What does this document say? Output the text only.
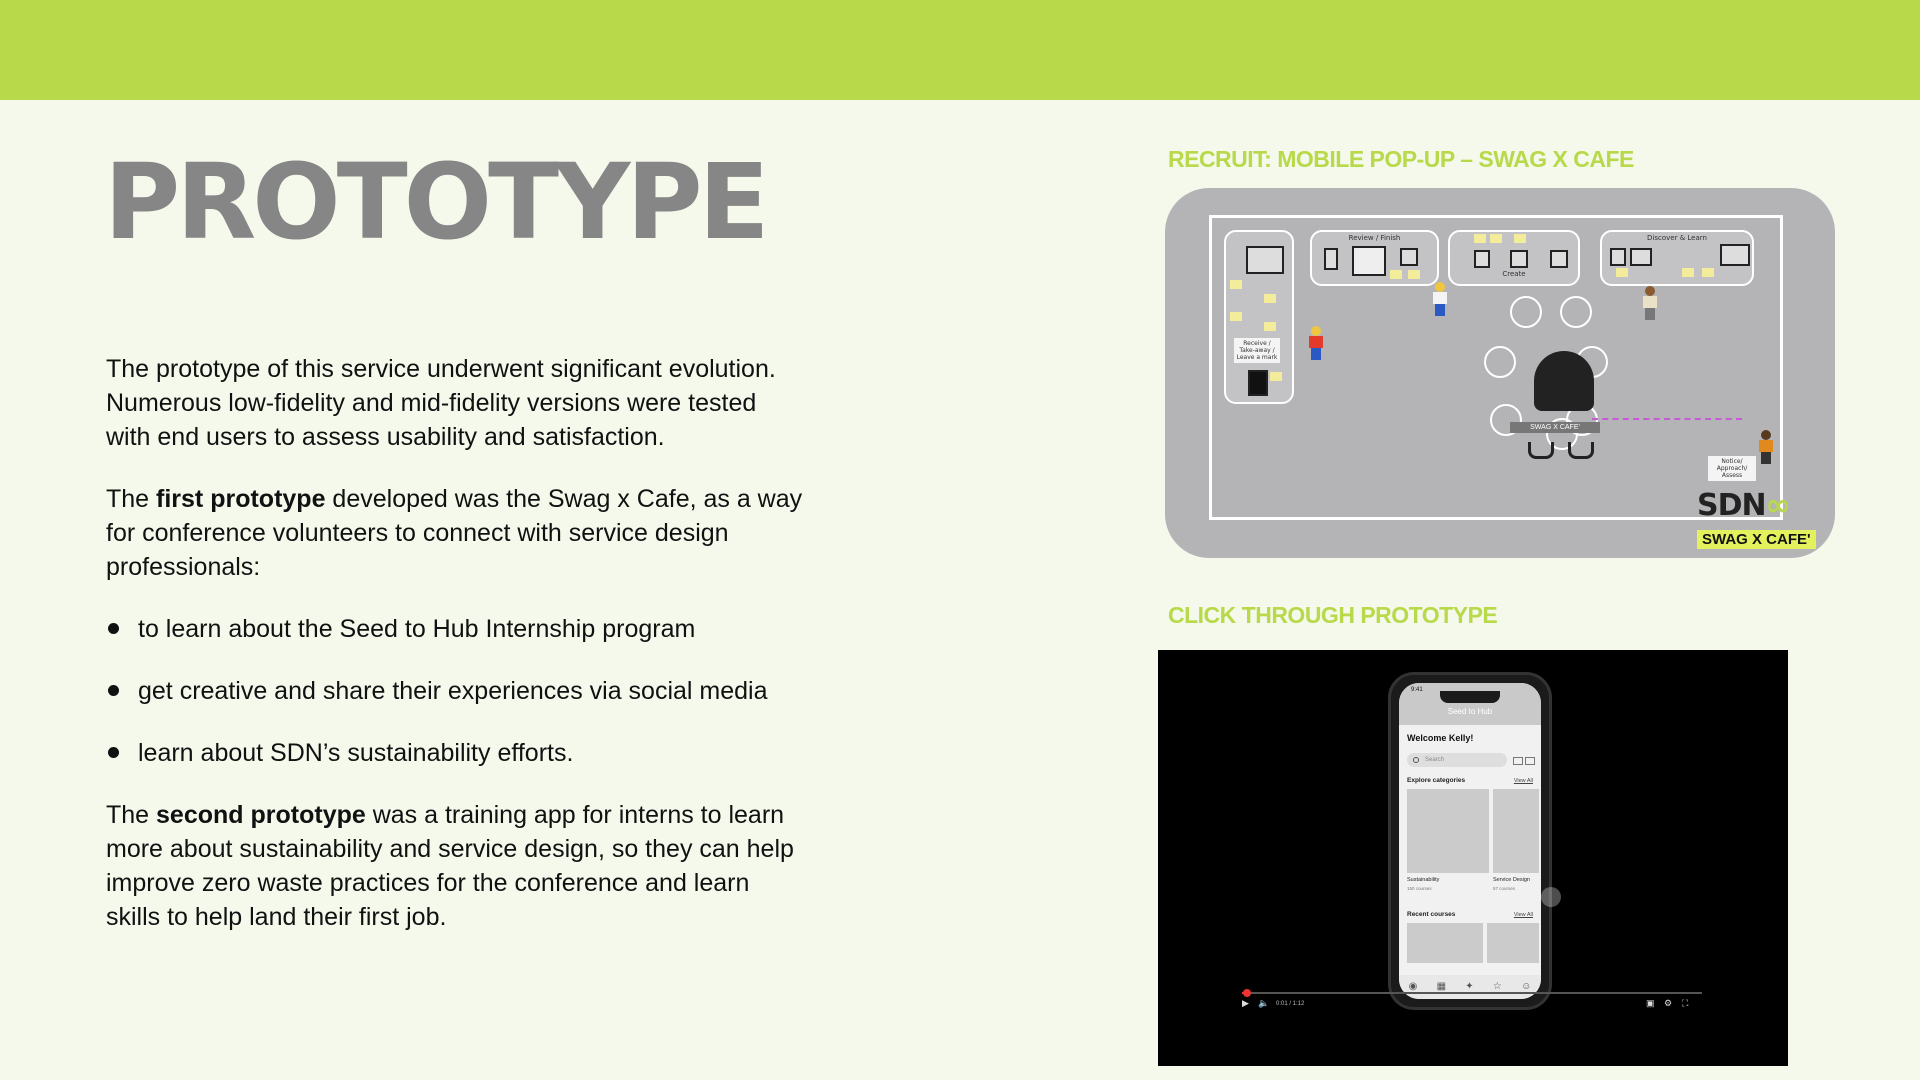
PROTOTYPE

The prototype of this service underwent significant evolution. Numerous low-fidelity and mid-fidelity versions were tested with end users to assess usability and satisfaction.

The first prototype developed was the Swag x Cafe, as a way for conference volunteers to connect with service design professionals:

to learn about the Seed to Hub Internship program
get creative and share their experiences via social media
learn about SDN’s sustainability efforts.

The second prototype was a training app for interns to learn more about sustainability and service design, so they can help improve zero waste practices for the conference and learn skills to help land their first job.

RECRUIT: MOBILE POP-UP – SWAG X CAFE
Receive / Take-away / Leave a mark
Review / Finish
Create
Discover & Learn
SWAG X CAFE'
Notice/ Approach/ Assess
SDN∞
SWAG X CAFE'
CLICK THROUGH PROTOTYPE
Seed to Hub
9:41
Welcome Kelly!
Search
Explore categories	View All
Sustainability
150 courses
Service Design
57 courses
Recent courses	View All
◉ ▦ ✦ ☆ ☺
▶ 🔈 0:01 / 1:12	▣ ⚙ ⛶
